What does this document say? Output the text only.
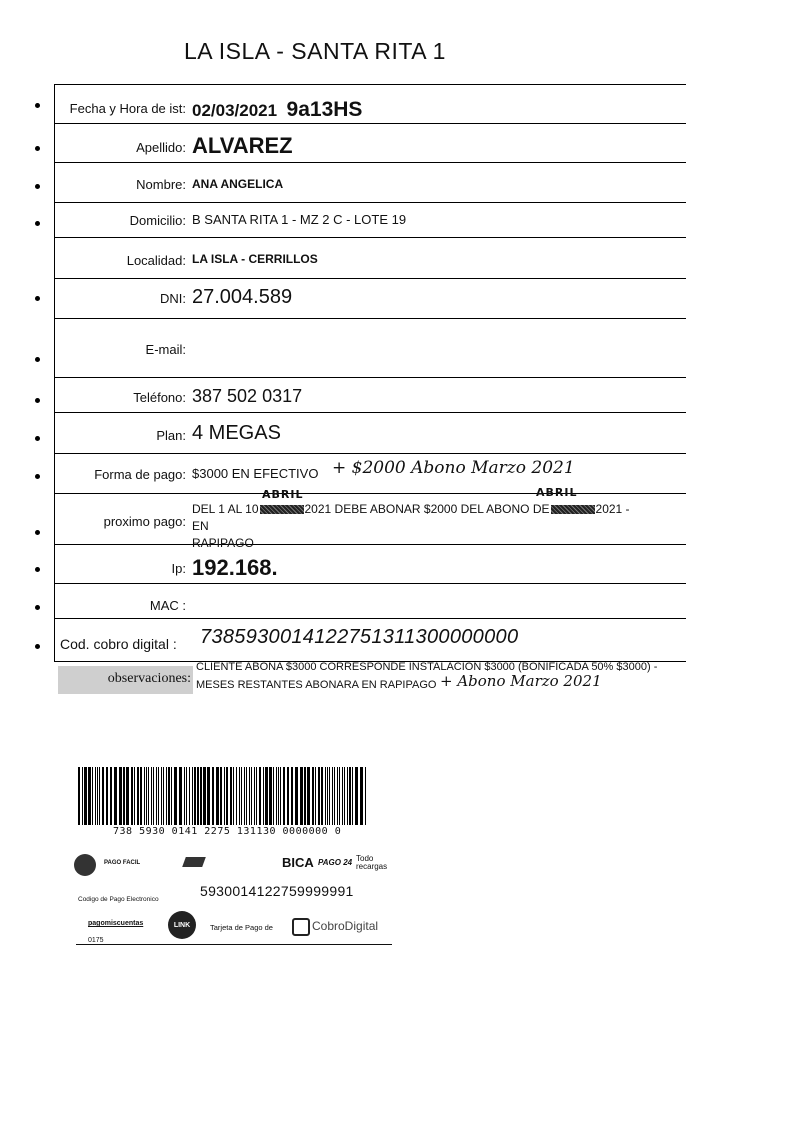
LA ISLA - SANTA RITA 1
Fecha y Hora de ist: 02/03/2021 9a13HS
Apellido: ALVAREZ
Nombre: ANA ANGELICA
Domicilio: B SANTA RITA 1 - MZ 2 C - LOTE 19
Localidad: LA ISLA - CERRILLOS
DNI: 27.004.589
E-mail:
Teléfono: 387 502 0317
Plan: 4 MEGAS
Forma de pago: $3000 EN EFECTIVO + $2000 Abono Marzo 2021
ABRIL	ABRIL
proximo pago:
DEL 1 AL 10	2021 DEBE ABONAR $2000 DEL ABONO DE	2021 - EN
RAPIPAGO
Ip: 192.168.
MAC :
Cod. cobro digital :	7385930014122751311300000000
observaciones:
CLIENTE ABONA $3000 CORRESPONDE INSTALACION $3000 (BONIFICADA 50% $3000) -
MESES RESTANTES ABONARA EN RAPIPAGO + Abono Marzo 2021
738 5930 0141 2275 131130 0000000 0
PAGO FACIL	BICA PAGO 24 Todo recargas
Codigo de Pago Electronico
5930014122759999991
pagomiscuentas
0175
LINK	Tarjeta de Pago de	CobroDigital
